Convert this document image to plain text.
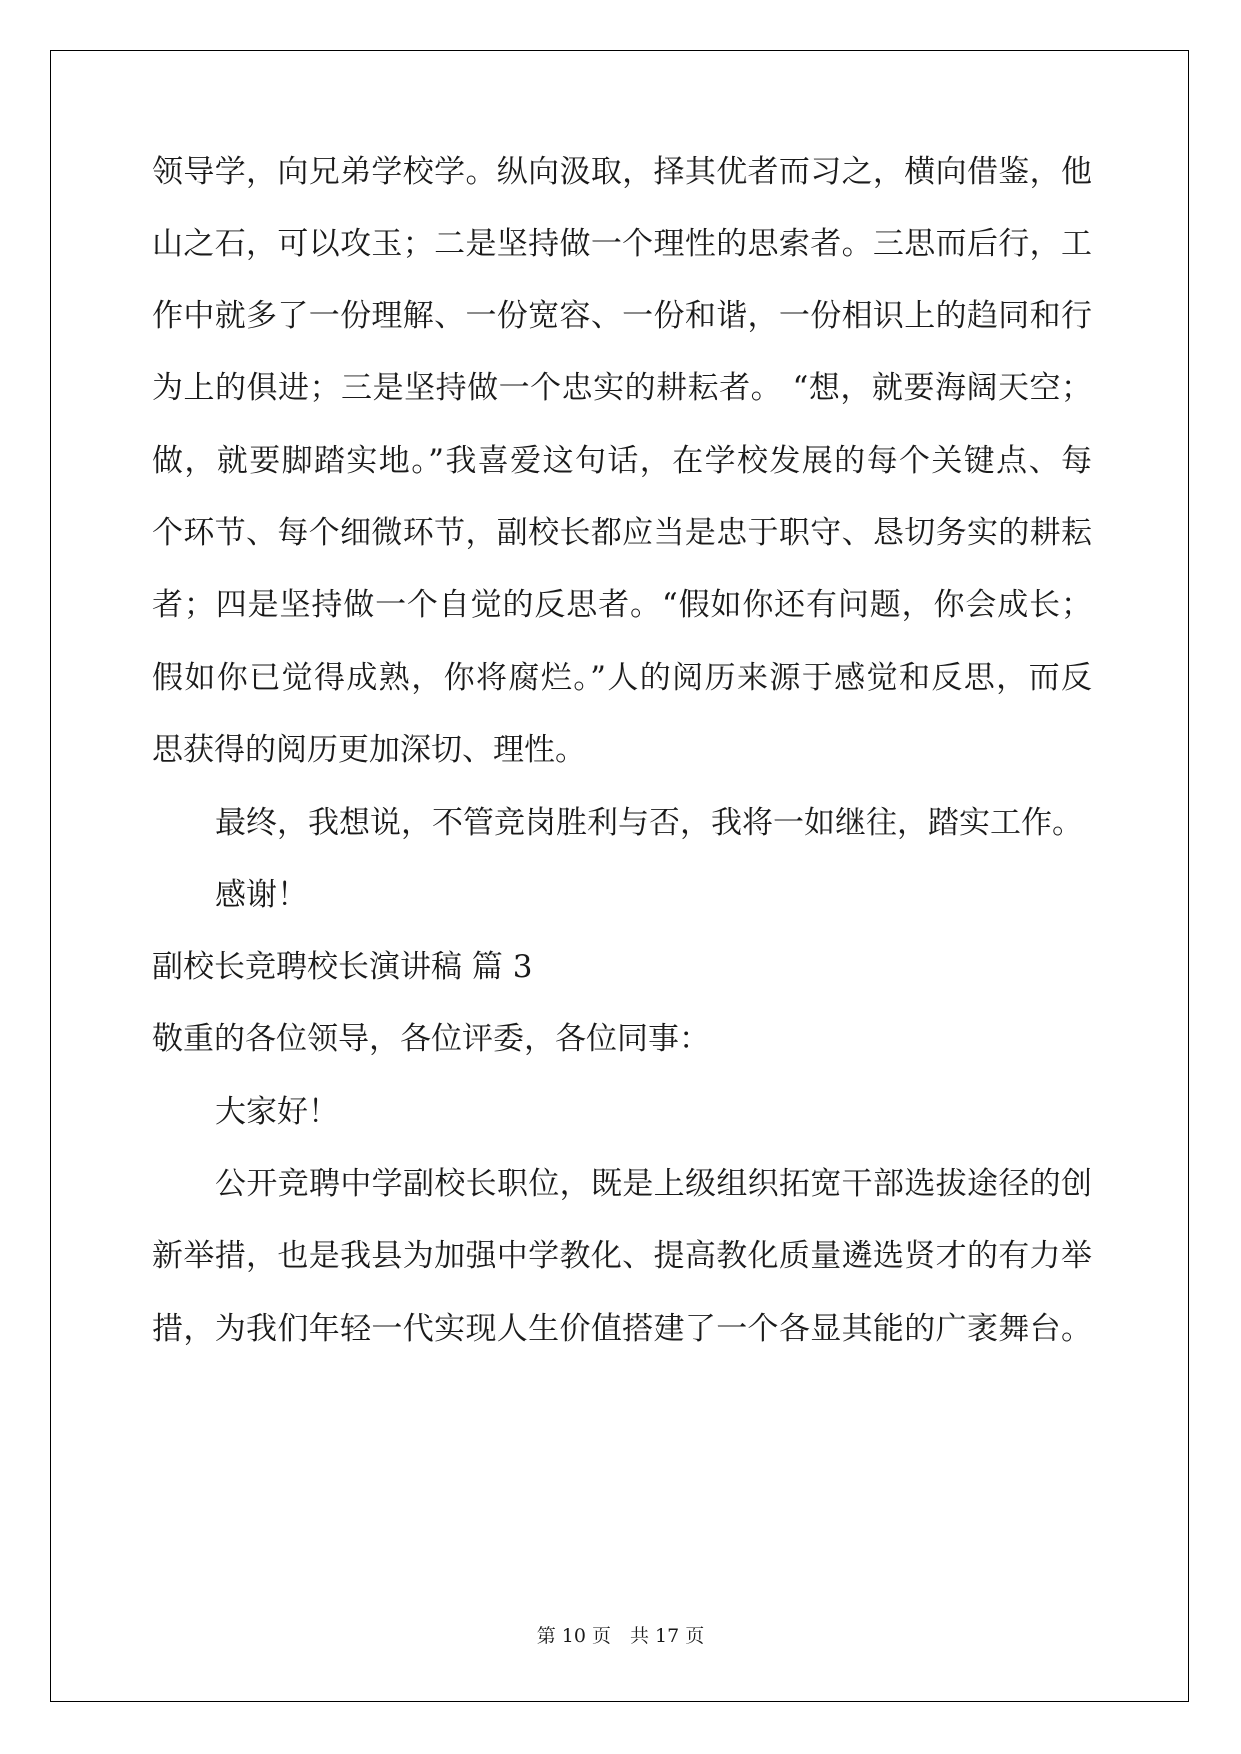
领导学，向兄弟学校学。纵向汲取，择其优者而习之，横向借鉴，他
山之石，可以攻玉；二是坚持做一个理性的思索者。三思而后行，工
作中就多了一份理解、一份宽容、一份和谐，一份相识上的趋同和行
为上的俱进；三是坚持做一个忠实的耕耘者。 “想，就要海阔天空；
做，就要脚踏实地。”我喜爱这句话，在学校发展的每个关键点、每
个环节、每个细微环节，副校长都应当是忠于职守、恳切务实的耕耘
者；四是坚持做一个自觉的反思者。“假如你还有问题，你会成长；
假如你已觉得成熟，你将腐烂。”人的阅历来源于感觉和反思，而反
思获得的阅历更加深切、理性。
最终，我想说，不管竞岗胜利与否，我将一如继往，踏实工作。
感谢！
副校长竞聘校长演讲稿 篇 3
敬重的各位领导，各位评委，各位同事：
大家好！
公开竞聘中学副校长职位，既是上级组织拓宽干部选拔途径的创
新举措，也是我县为加强中学教化、提高教化质量遴选贤才的有力举
措，为我们年轻一代实现人生价值搭建了一个各显其能的广袤舞台。
第 10 页　共 17 页
